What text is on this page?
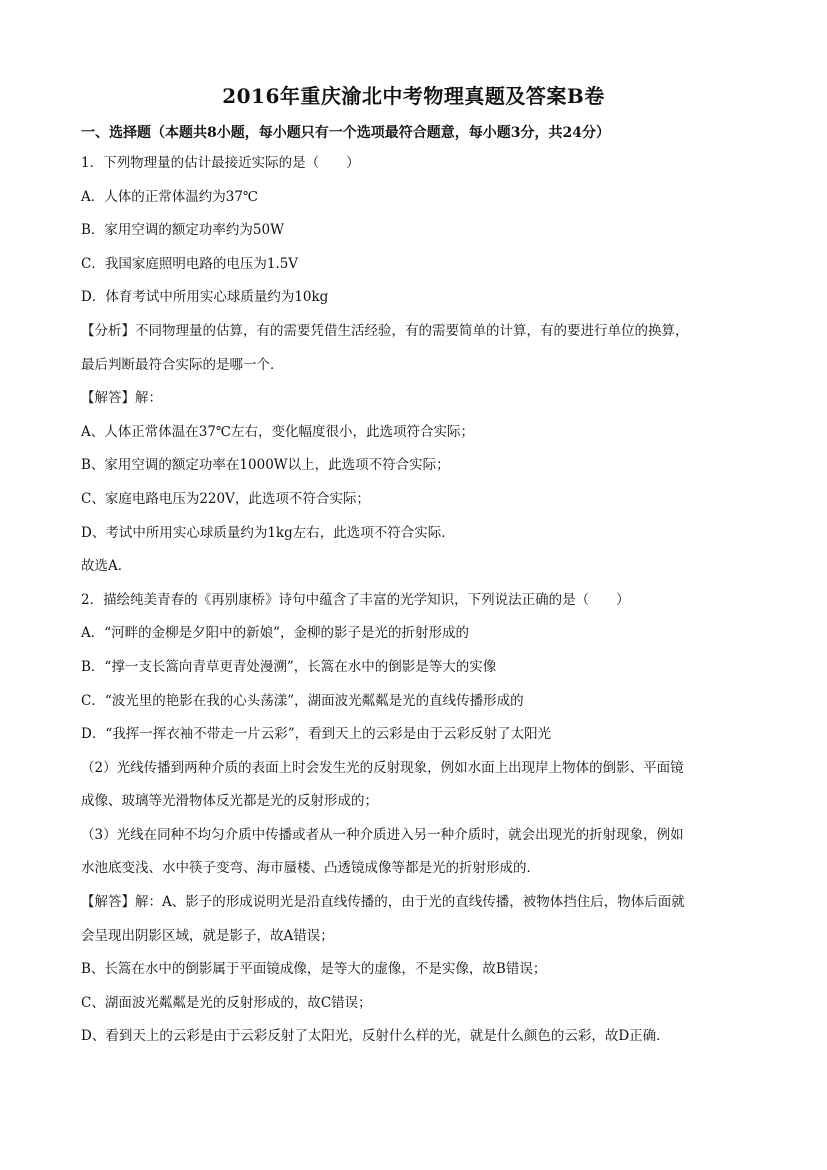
2016年重庆渝北中考物理真题及答案B卷
一、选择题（本题共8小题，每小题只有一个选项最符合题意，每小题3分，共24分）
1．下列物理量的估计最接近实际的是（　　）
A．人体的正常体温约为37℃
B．家用空调的额定功率约为50W
C．我国家庭照明电路的电压为1.5V
D．体育考试中所用实心球质量约为10kg
【分析】不同物理量的估算，有的需要凭借生活经验，有的需要简单的计算，有的要进行单位的换算，
最后判断最符合实际的是哪一个．
【解答】解：
A、人体正常体温在37℃左右，变化幅度很小，此选项符合实际；
B、家用空调的额定功率在1000W以上，此选项不符合实际；
C、家庭电路电压为220V，此选项不符合实际；
D、考试中所用实心球质量约为1kg左右，此选项不符合实际．
故选A．
2．描绘纯美青春的《再别康桥》诗句中蕴含了丰富的光学知识，下列说法正确的是（　　）
A．“河畔的金柳是夕阳中的新娘”，金柳的影子是光的折射形成的
B．“撑一支长篙向青草更青处漫溯”，长篙在水中的倒影是等大的实像
C．“波光里的艳影在我的心头荡漾”，湖面波光粼粼是光的直线传播形成的
D．“我挥一挥衣袖不带走一片云彩”，看到天上的云彩是由于云彩反射了太阳光
（2）光线传播到两种介质的表面上时会发生光的反射现象，例如水面上出现岸上物体的倒影、平面镜
成像、玻璃等光滑物体反光都是光的反射形成的；
（3）光线在同种不均匀介质中传播或者从一种介质进入另一种介质时，就会出现光的折射现象，例如
水池底变浅、水中筷子变弯、海市蜃楼、凸透镜成像等都是光的折射形成的．
【解答】解：A、影子的形成说明光是沿直线传播的，由于光的直线传播，被物体挡住后，物体后面就
会呈现出阴影区域，就是影子，故A错误；
B、长篙在水中的倒影属于平面镜成像，是等大的虚像，不是实像，故B错误；
C、湖面波光粼粼是光的反射形成的，故C错误；
D、看到天上的云彩是由于云彩反射了太阳光，反射什么样的光，就是什么颜色的云彩，故D正确．
